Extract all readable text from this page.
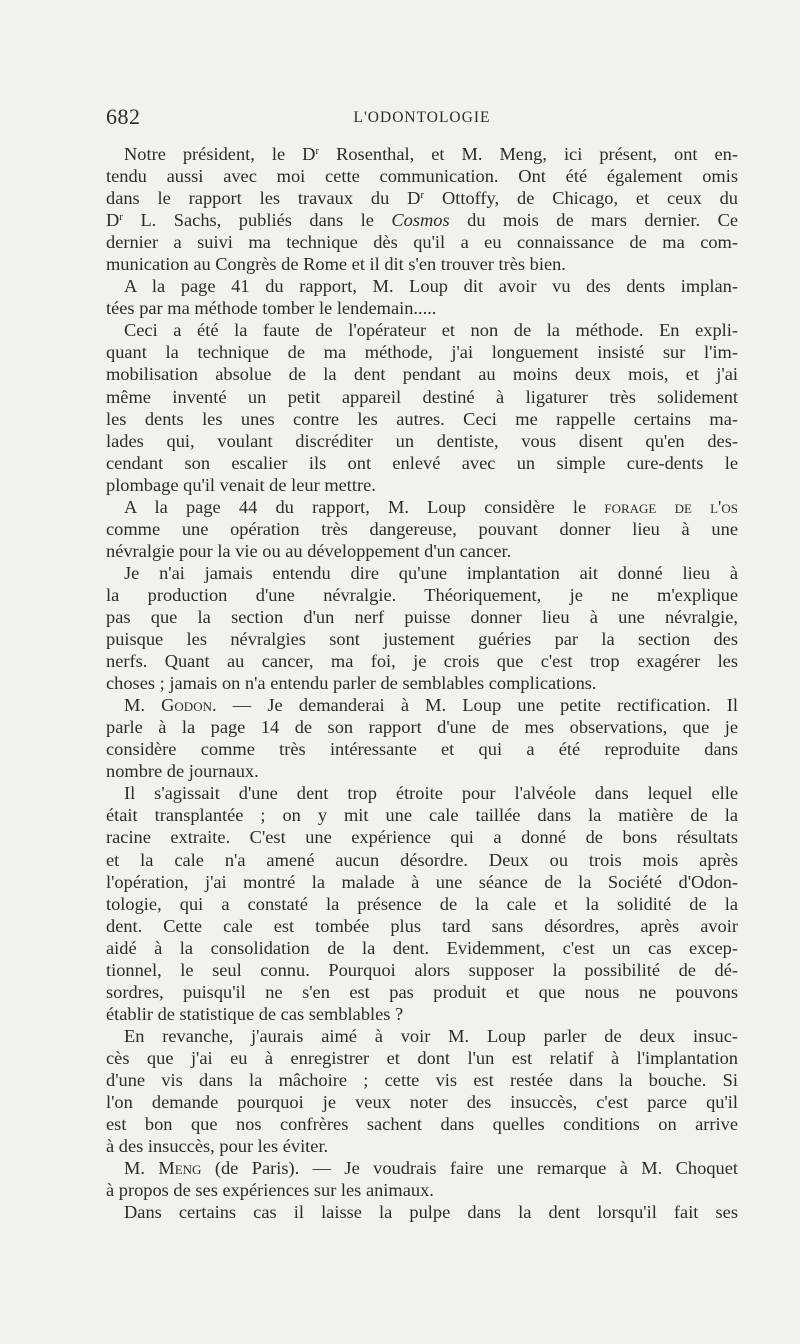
682	L'ODONTOLOGIE
Notre président, le $D^r$ Rosenthal, et M. Meng, ici présent, ont en-
tendu aussi avec moi cette communication. Ont été également omis
dans le rapport les travaux du $D^r$ Ottoffy, de Chicago, et ceux du
$D^r$ L. Sachs, publiés dans le Cosmos du mois de mars dernier. Ce
dernier a suivi ma technique dès qu'il a eu connaissance de ma com-
munication au Congrès de Rome et il dit s'en trouver très bien.
A la page 41 du rapport, M. Loup dit avoir vu des dents implan-
tées par ma méthode tomber le lendemain.....
Ceci a été la faute de l'opérateur et non de la méthode. En expli-
quant la technique de ma méthode, j'ai longuement insisté sur l'im-
mobilisation absolue de la dent pendant au moins deux mois, et j'ai
même inventé un petit appareil destiné à ligaturer très solidement
les dents les unes contre les autres. Ceci me rappelle certains ma-
lades qui, voulant discréditer un dentiste, vous disent qu'en des-
cendant son escalier ils ont enlevé avec un simple cure-dents le
plombage qu'il venait de leur mettre.
A la page 44 du rapport, M. Loup considère le forage de l'os
comme une opération très dangereuse, pouvant donner lieu à une
névralgie pour la vie ou au développement d'un cancer.
Je n'ai jamais entendu dire qu'une implantation ait donné lieu à
la production d'une névralgie. Théoriquement, je ne m'explique
pas que la section d'un nerf puisse donner lieu à une névralgie,
puisque les névralgies sont justement guéries par la section des
nerfs. Quant au cancer, ma foi, je crois que c'est trop exagérer les
choses ; jamais on n'a entendu parler de semblables complications.
M. Godon. — Je demanderai à M. Loup une petite rectification. Il
parle à la page 14 de son rapport d'une de mes observations, que je
considère comme très intéressante et qui a été reproduite dans
nombre de journaux.
Il s'agissait d'une dent trop étroite pour l'alvéole dans lequel elle
était transplantée ; on y mit une cale taillée dans la matière de la
racine extraite. C'est une expérience qui a donné de bons résultats
et la cale n'a amené aucun désordre. Deux ou trois mois après
l'opération, j'ai montré la malade à une séance de la Société d'Odon-
tologie, qui a constaté la présence de la cale et la solidité de la
dent. Cette cale est tombée plus tard sans désordres, après avoir
aidé à la consolidation de la dent. Evidemment, c'est un cas excep-
tionnel, le seul connu. Pourquoi alors supposer la possibilité de dé-
sordres, puisqu'il ne s'en est pas produit et que nous ne pouvons
établir de statistique de cas semblables ?
En revanche, j'aurais aimé à voir M. Loup parler de deux insuc-
cès que j'ai eu à enregistrer et dont l'un est relatif à l'implantation
d'une vis dans la mâchoire ; cette vis est restée dans la bouche. Si
l'on demande pourquoi je veux noter des insuccès, c'est parce qu'il
est bon que nos confrères sachent dans quelles conditions on arrive
à des insuccès, pour les éviter.
M. Meng (de Paris). — Je voudrais faire une remarque à M. Choquet
à propos de ses expériences sur les animaux.
Dans certains cas il laisse la pulpe dans la dent lorsqu'il fait ses
